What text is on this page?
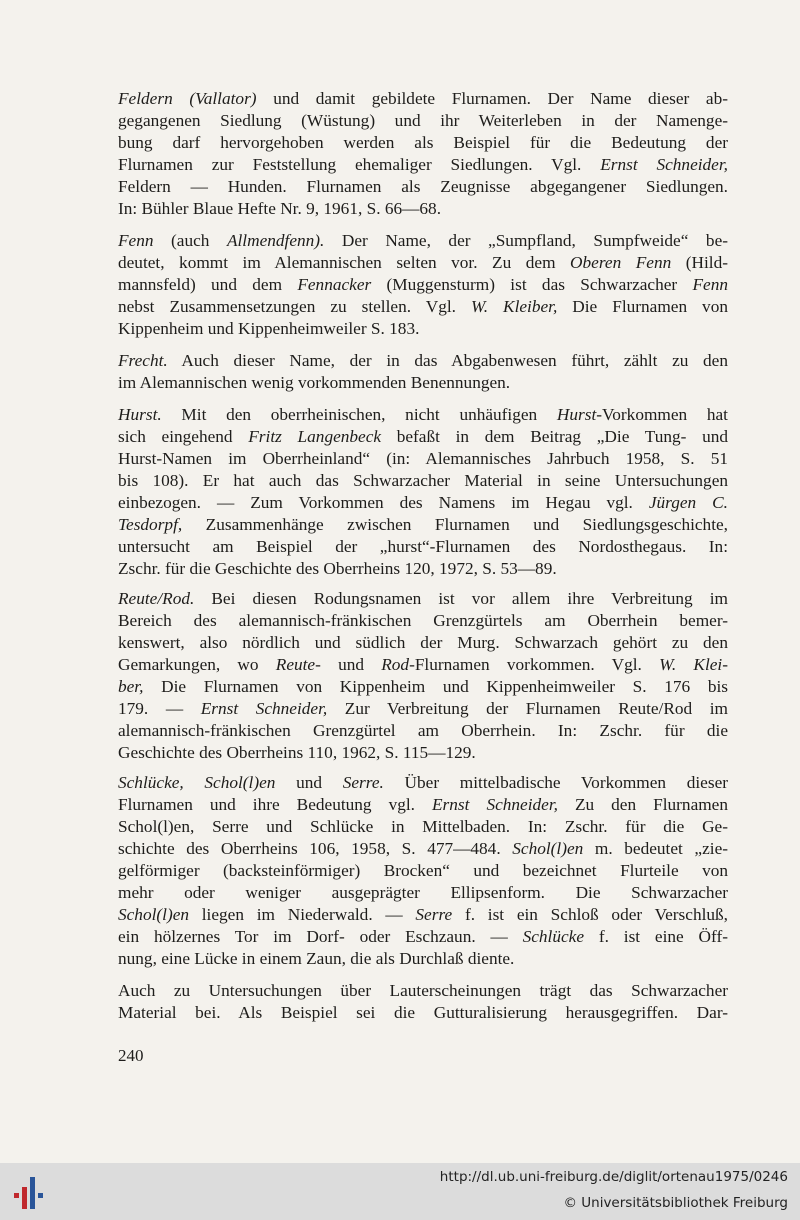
Feldern (Vallator) und damit gebildete Flurnamen. Der Name dieser ab-
gegangenen Siedlung (Wüstung) und ihr Weiterleben in der Namenge-
bung darf hervorgehoben werden als Beispiel für die Bedeutung der
Flurnamen zur Feststellung ehemaliger Siedlungen. Vgl. Ernst Schneider,
Feldern — Hunden. Flurnamen als Zeugnisse abgegangener Siedlungen.
In: Bühler Blaue Hefte Nr. 9, 1961, S. 66—68.
Fenn (auch Allmendfenn). Der Name, der „Sumpfland, Sumpfweide“ be-
deutet, kommt im Alemannischen selten vor. Zu dem Oberen Fenn (Hild-
mannsfeld) und dem Fennacker (Muggensturm) ist das Schwarzacher Fenn
nebst Zusammensetzungen zu stellen. Vgl. W. Kleiber, Die Flurnamen von
Kippenheim und Kippenheimweiler S. 183.
Frecht. Auch dieser Name, der in das Abgabenwesen führt, zählt zu den
im Alemannischen wenig vorkommenden Benennungen.
Hurst. Mit den oberrheinischen, nicht unhäufigen Hurst-Vorkommen hat
sich eingehend Fritz Langenbeck befaßt in dem Beitrag „Die Tung- und
Hurst-Namen im Oberrheinland“ (in: Alemannisches Jahrbuch 1958, S. 51
bis 108). Er hat auch das Schwarzacher Material in seine Untersuchungen
einbezogen. — Zum Vorkommen des Namens im Hegau vgl. Jürgen C.
Tesdorpf, Zusammenhänge zwischen Flurnamen und Siedlungsgeschichte,
untersucht am Beispiel der „hurst“-Flurnamen des Nordosthegaus. In:
Zschr. für die Geschichte des Oberrheins 120, 1972, S. 53—89.
Reute/Rod. Bei diesen Rodungsnamen ist vor allem ihre Verbreitung im
Bereich des alemannisch-fränkischen Grenzgürtels am Oberrhein bemer-
kenswert, also nördlich und südlich der Murg. Schwarzach gehört zu den
Gemarkungen, wo Reute- und Rod-Flurnamen vorkommen. Vgl. W. Klei-
ber, Die Flurnamen von Kippenheim und Kippenheimweiler S. 176 bis
179. — Ernst Schneider, Zur Verbreitung der Flurnamen Reute/Rod im
alemannisch-fränkischen Grenzgürtel am Oberrhein. In: Zschr. für die
Geschichte des Oberrheins 110, 1962, S. 115—129.
Schlücke, Schol(l)en und Serre. Über mittelbadische Vorkommen dieser
Flurnamen und ihre Bedeutung vgl. Ernst Schneider, Zu den Flurnamen
Schol(l)en, Serre und Schlücke in Mittelbaden. In: Zschr. für die Ge-
schichte des Oberrheins 106, 1958, S. 477—484. Schol(l)en m. bedeutet „zie-
gelförmiger (backsteinförmiger) Brocken“ und bezeichnet Flurteile von
mehr oder weniger ausgeprägter Ellipsenform. Die Schwarzacher
Schol(l)en liegen im Niederwald. — Serre f. ist ein Schloß oder Verschluß,
ein hölzernes Tor im Dorf- oder Eschzaun. — Schlücke f. ist eine Öff-
nung, eine Lücke in einem Zaun, die als Durchlaß diente.
Auch zu Untersuchungen über Lauterscheinungen trägt das Schwarzacher
Material bei. Als Beispiel sei die Gutturalisierung herausgegriffen. Dar-
240
http://dl.ub.uni-freiburg.de/diglit/ortenau1975/0246
© Universitätsbibliothek Freiburg
